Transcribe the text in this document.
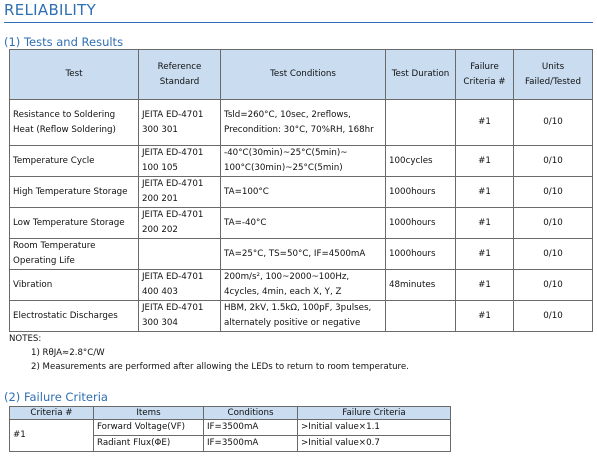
RELIABILITY
(1) Tests and Results
Test	Reference Standard	Test Conditions	Test Duration	Failure Criteria #	Units Failed/Tested
Resistance to Soldering Heat (Reflow Soldering)	JEITA ED-4701 300 301	Tsld=260°C, 10sec, 2reflows, Precondition: 30°C, 70%RH, 168hr		#1	0/10
Temperature Cycle	JEITA ED-4701 100 105	-40°C(30min)~25°C(5min)~ 100°C(30min)~25°C(5min)	100cycles	#1	0/10
High Temperature Storage	JEITA ED-4701 200 201	TA=100°C	1000hours	#1	0/10
Low Temperature Storage	JEITA ED-4701 200 202	TA=-40°C	1000hours	#1	0/10
Room Temperature Operating Life		TA=25°C, TS=50°C, IF=4500mA	1000hours	#1	0/10
Vibration	JEITA ED-4701 400 403	200m/s², 100~2000~100Hz, 4cycles, 4min, each X, Y, Z	48minutes	#1	0/10
Electrostatic Discharges	JEITA ED-4701 300 304	HBM, 2kV, 1.5kΩ, 100pF, 3pulses, alternately positive or negative		#1	0/10
NOTES:
1) RθJA≈2.8°C/W
2) Measurements are performed after allowing the LEDs to return to room temperature.
(2) Failure Criteria
Criteria #	Items	Conditions	Failure Criteria
#1	Forward Voltage(VF)	IF=3500mA	>Initial value×1.1
	Radiant Flux(ΦE)	IF=3500mA	>Initial value×0.7
